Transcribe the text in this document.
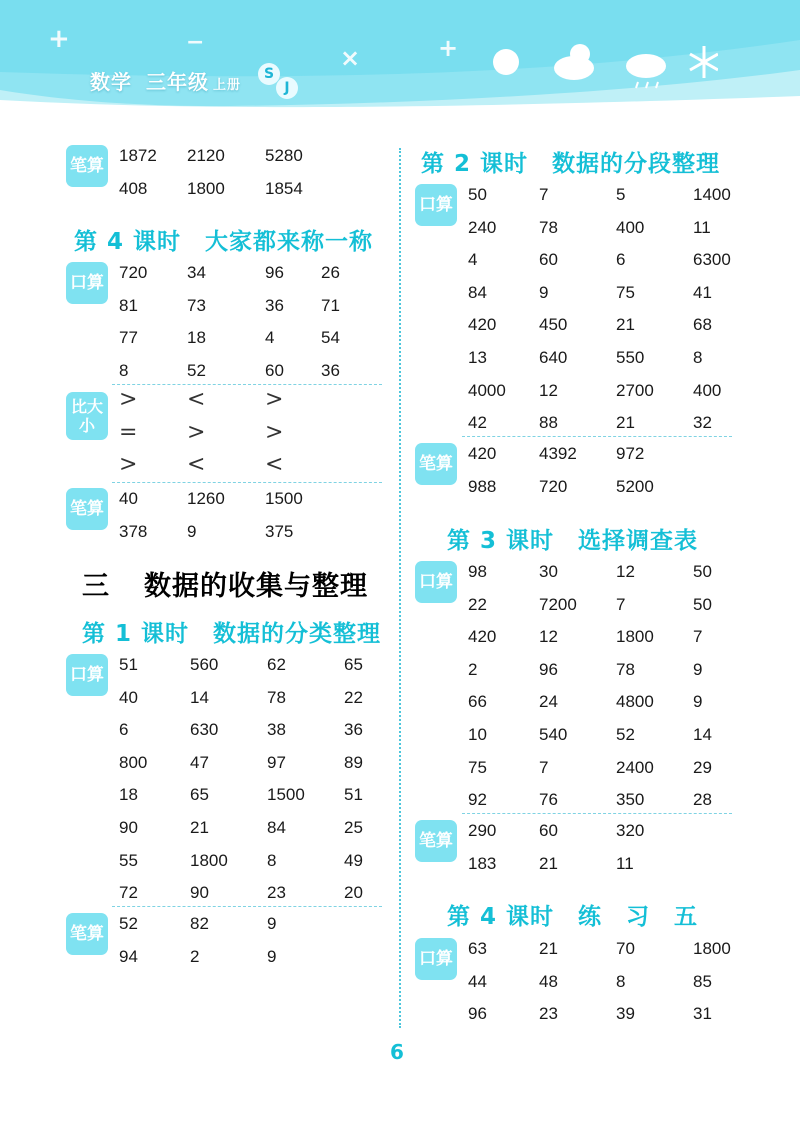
+	−
×	+
数学 三年级 上册
S
J
笔算 1872 2120 5280
408 1800 1854
第 4 课时　大家都来称一称
口算 720 34	96 26
81	73	36 71
77	18	4	54
8	52	60 36
比大小
> <	>
= >	>
> <	<
笔算 40	1260 1500
378 9	375
三 数据的收集与整理
第 1 课时　数据的分类整理
口算 51	560	62	65
40	14	78	22
6	630	38	36
800	47	97	89
18	65	1500 51
90	21	84	25
55	1800 8	49
72	90	23	20
笔算 52	82	9
94	2	9
第 2 课时　数据的分段整理
口算 50	7	5	1400
240	78	400	11
4	60	6	6300
84	9	75	41
420	450	21	68
13	640	550	8
4000 12	2700 400
42	88	21	32
笔算 420	4392 972
988	720	5200
第 3 课时　选择调查表
口算 98	30	12	50
22	7200 7	50
420	12	1800 7
2	96	78	9
66	24	4800 9
10	540	52	14
75	7	2400 29
92	76	350	28
笔算 290	60	320
183	21	11
第 4 课时　练　习　五
口算 63	21	70	1800
44	48	8	85
96	23	39	31
6
